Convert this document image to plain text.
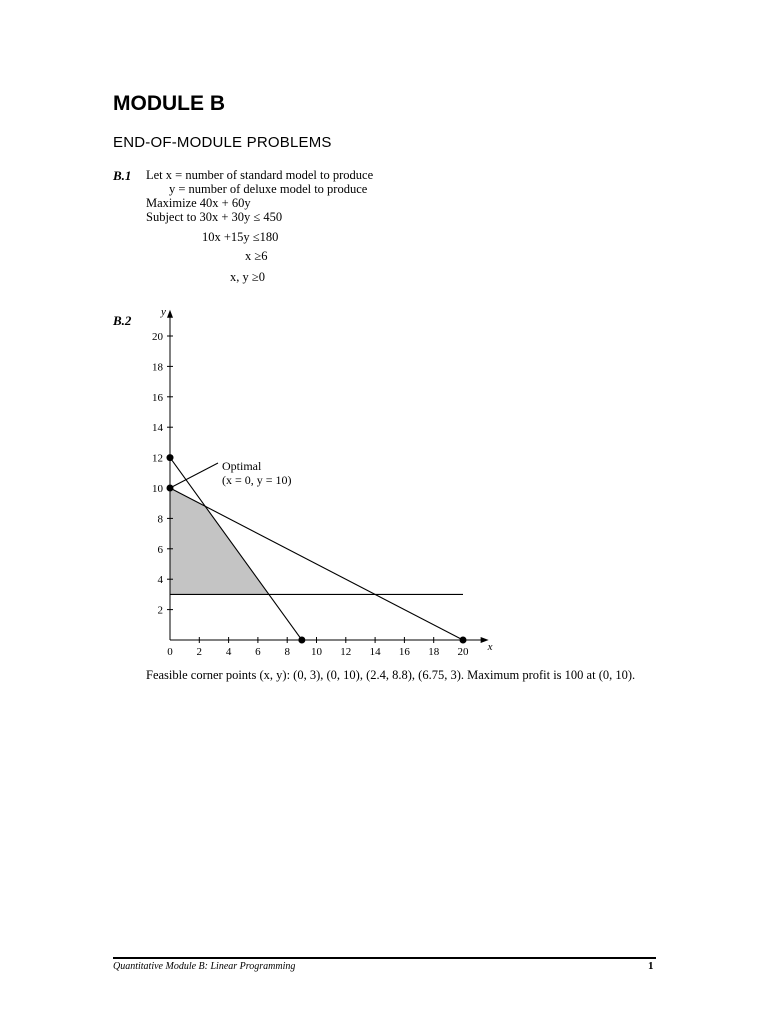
MODULE B
END-OF-MODULE PROBLEMS
B.1 Let x = number of standard model to produce
y = number of deluxe model to produce
Maximize 40x + 60y
Subject to 30x + 30y ≤ 450
10x +15y ≤180
x ≥6
x, y ≥0
B.2
x
y
0 2 4 6 8 10 12 14 16 18 20
2
4
6
8
10
12
14
16
18
20
Optimal
(x = 0, y = 10)
Feasible corner points (x, y): (0, 3), (0, 10), (2.4, 8.8), (6.75, 3). Maximum profit is 100 at (0, 10).
Quantitative Module B: Linear Programming	1
